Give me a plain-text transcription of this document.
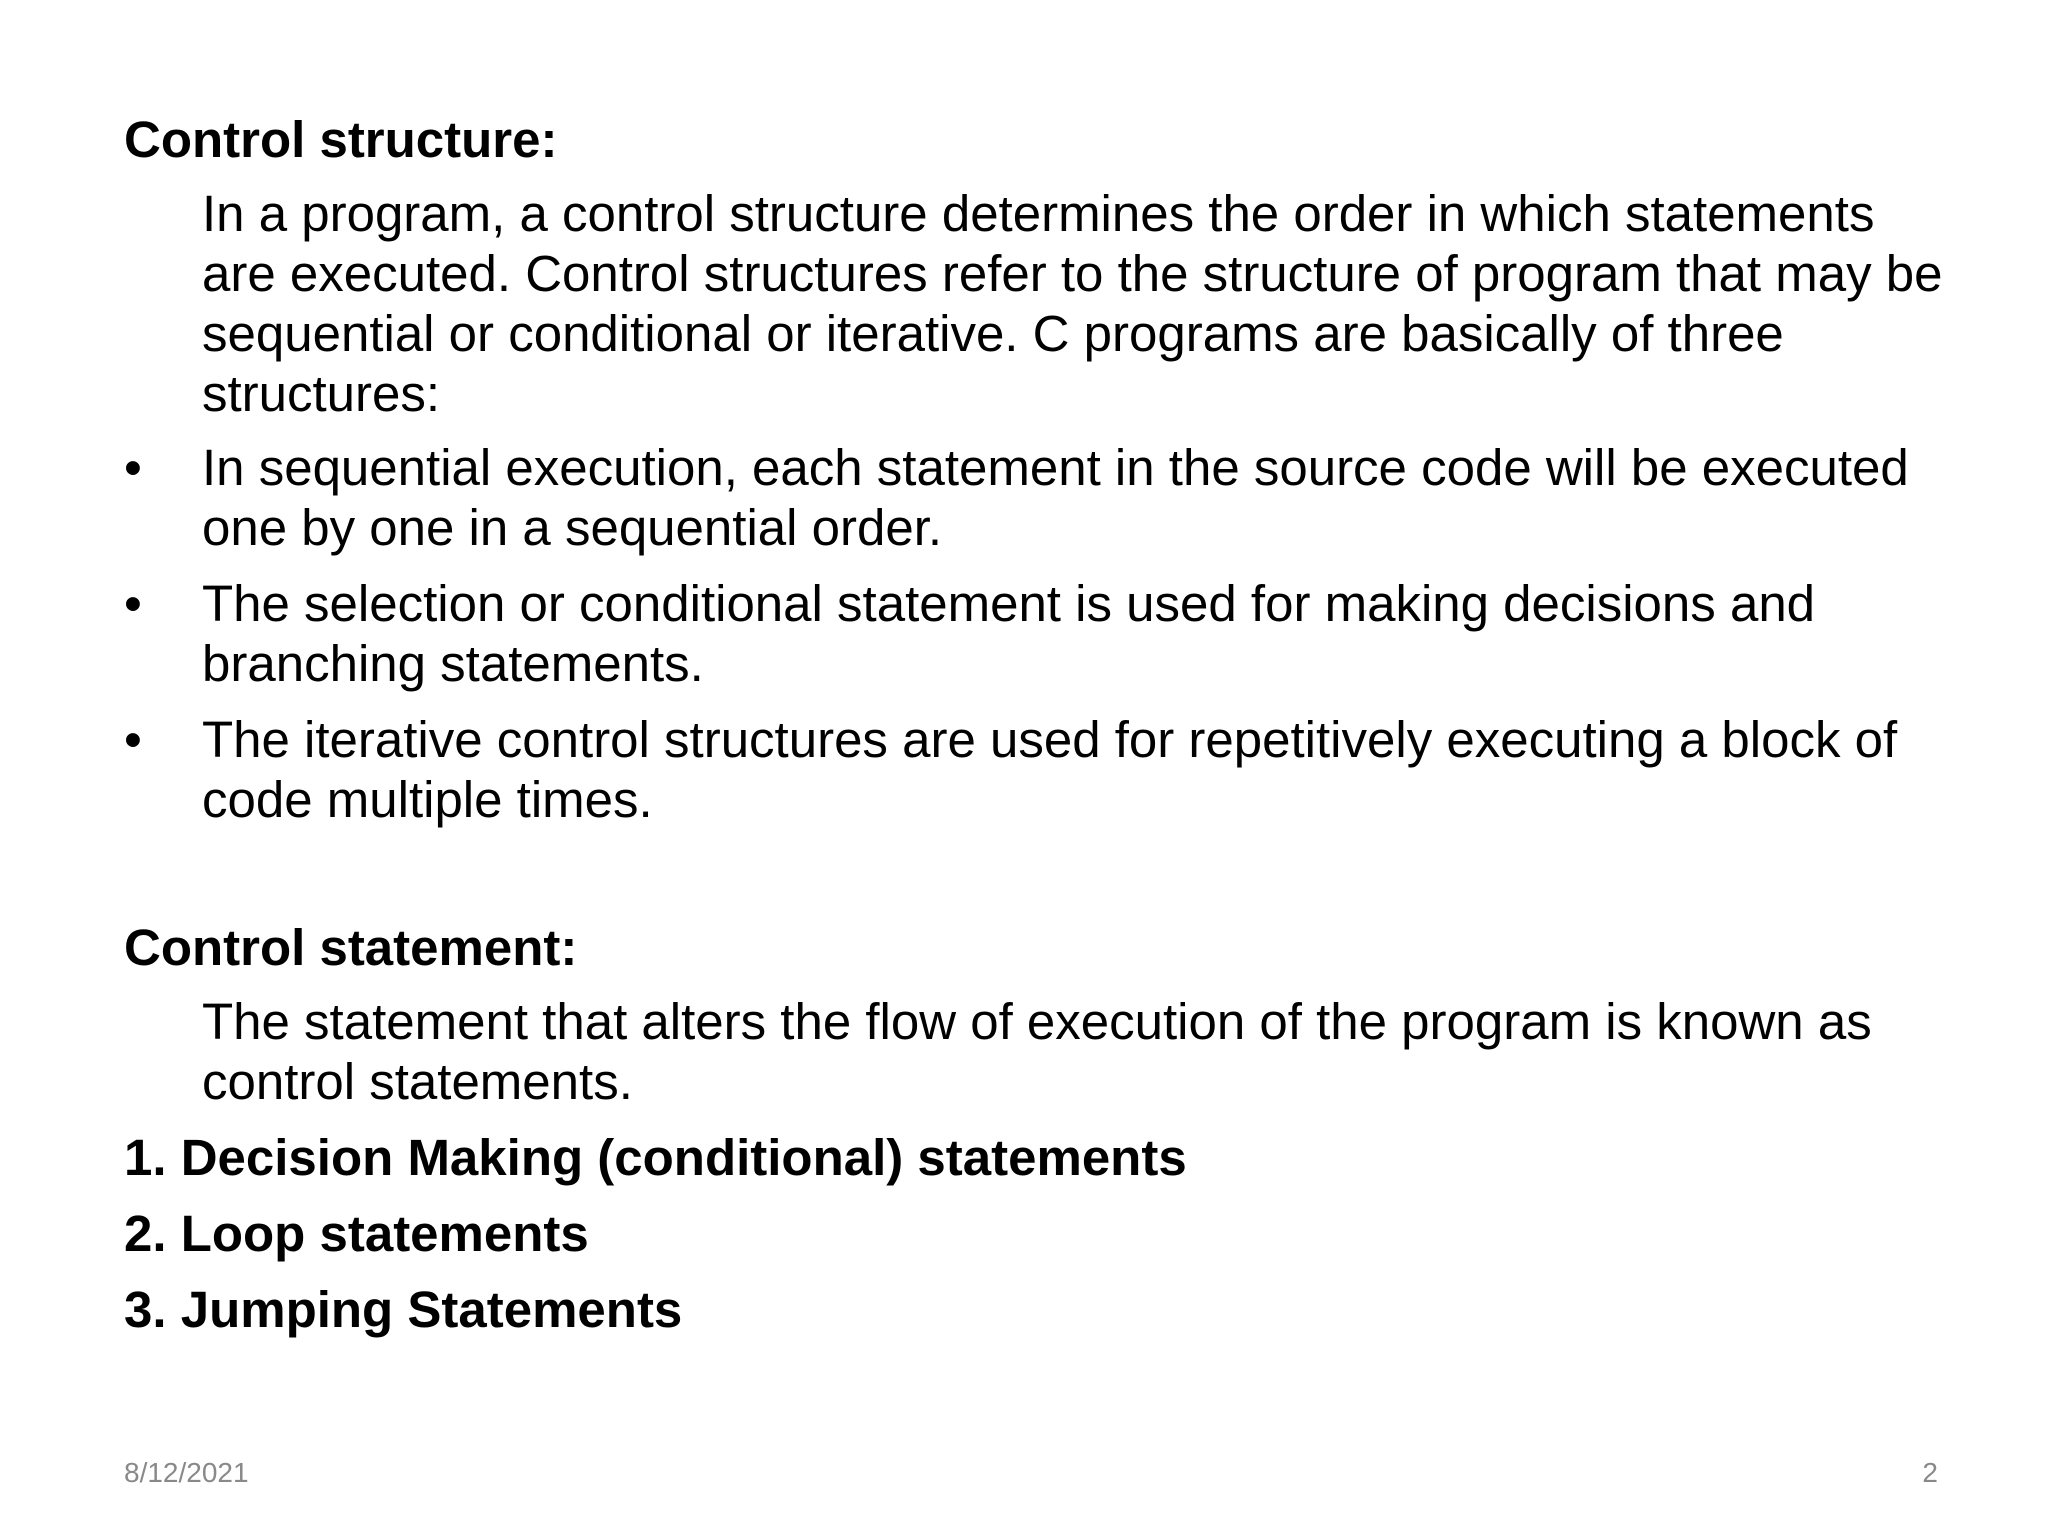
Control structure:

In a program, a control structure determines the order in which statements are executed. Control structures refer to the structure of program that may be sequential or conditional or iterative. C programs are basically of three structures:

• In sequential execution, each statement in the source code will be executed one by one in a sequential order.
• The selection or conditional statement is used for making decisions and branching statements.
• The iterative control structures are used for repetitively executing a block of code multiple times.

Control statement:

The statement that alters the flow of execution of the program is known as control statements.

1. Decision Making (conditional) statements
2. Loop statements
3. Jumping Statements
8/12/2021	2
